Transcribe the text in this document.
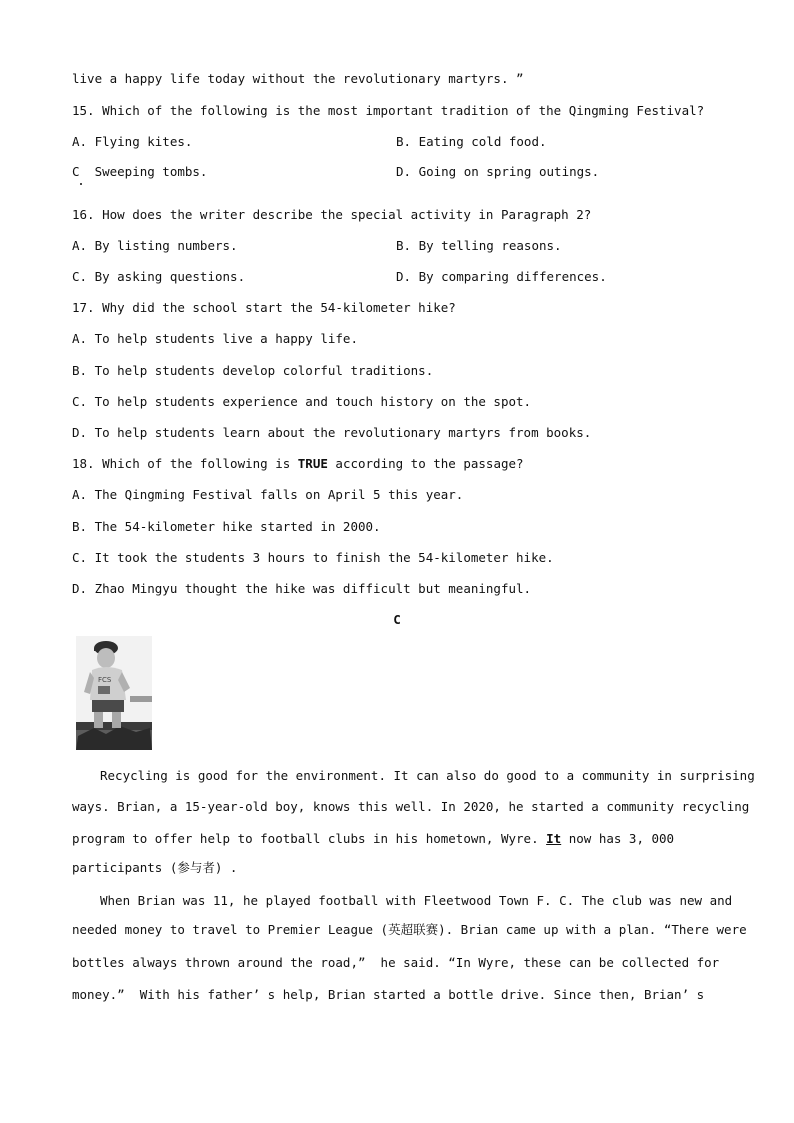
live a happy life today without the revolutionary martyrs. ”

15. Which of the following is the most important tradition of the Qingming Festival?

A. Flying kites.	B. Eating cold food.

C  Sweeping tombs.	D. Going on spring outings.

16. How does the writer describe the special activity in Paragraph 2?

A. By listing numbers.	B. By telling reasons.

C. By asking questions.	D. By comparing differences.

17. Why did the school start the 54-kilometer hike?

A. To help students live a happy life.

B. To help students develop colorful traditions.

C. To help students experience and touch history on the spot.

D. To help students learn about the revolutionary martyrs from books.

18. Which of the following is TRUE according to the passage?

A. The Qingming Festival falls on April 5 this year.

B. The 54-kilometer hike started in 2000.

C. It took the students 3 hours to finish the 54-kilometer hike.

D. Zhao Mingyu thought the hike was difficult but meaningful.

C

FCS

Recycling is good for the environment. It can also do good to a community in surprising

ways. Brian, a 15-year-old boy, knows this well. In 2020, he started a community recycling

program to offer help to football clubs in his hometown, Wyre. It now has 3, 000

participants (参与者) .

When Brian was 11, he played football with Fleetwood Town F. C. The club was new and

needed money to travel to Premier League (英超联赛). Brian came up with a plan. “There were

bottles always thrown around the road,”  he said. “In Wyre, these can be collected for

money.”  With his father’ s help, Brian started a bottle drive. Since then, Brian’ s
